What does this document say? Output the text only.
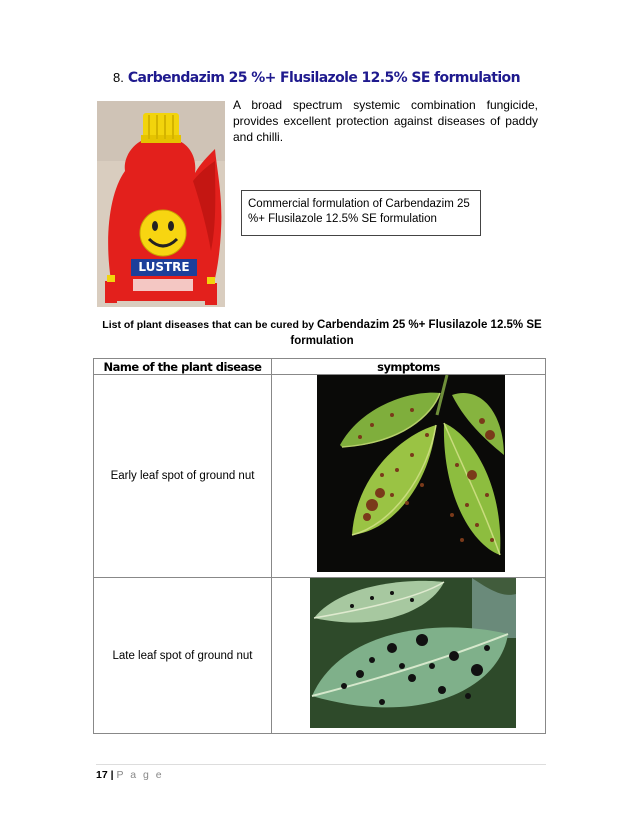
8. Carbendazim 25 %+ Flusilazole 12.5% SE formulation
LUSTRE
A broad spectrum systemic combination fungicide, provides excellent protection against diseases of paddy and chilli.
Commercial formulation of Carbendazim 25 %+ Flusilazole 12.5% SE formulation
List of plant diseases that can be cured by Carbendazim 25 %+ Flusilazole 12.5% SE
formulation
Name of the plant disease	symptoms
Early leaf spot of ground nut	
Late leaf spot of ground nut	
17 | P a g e
